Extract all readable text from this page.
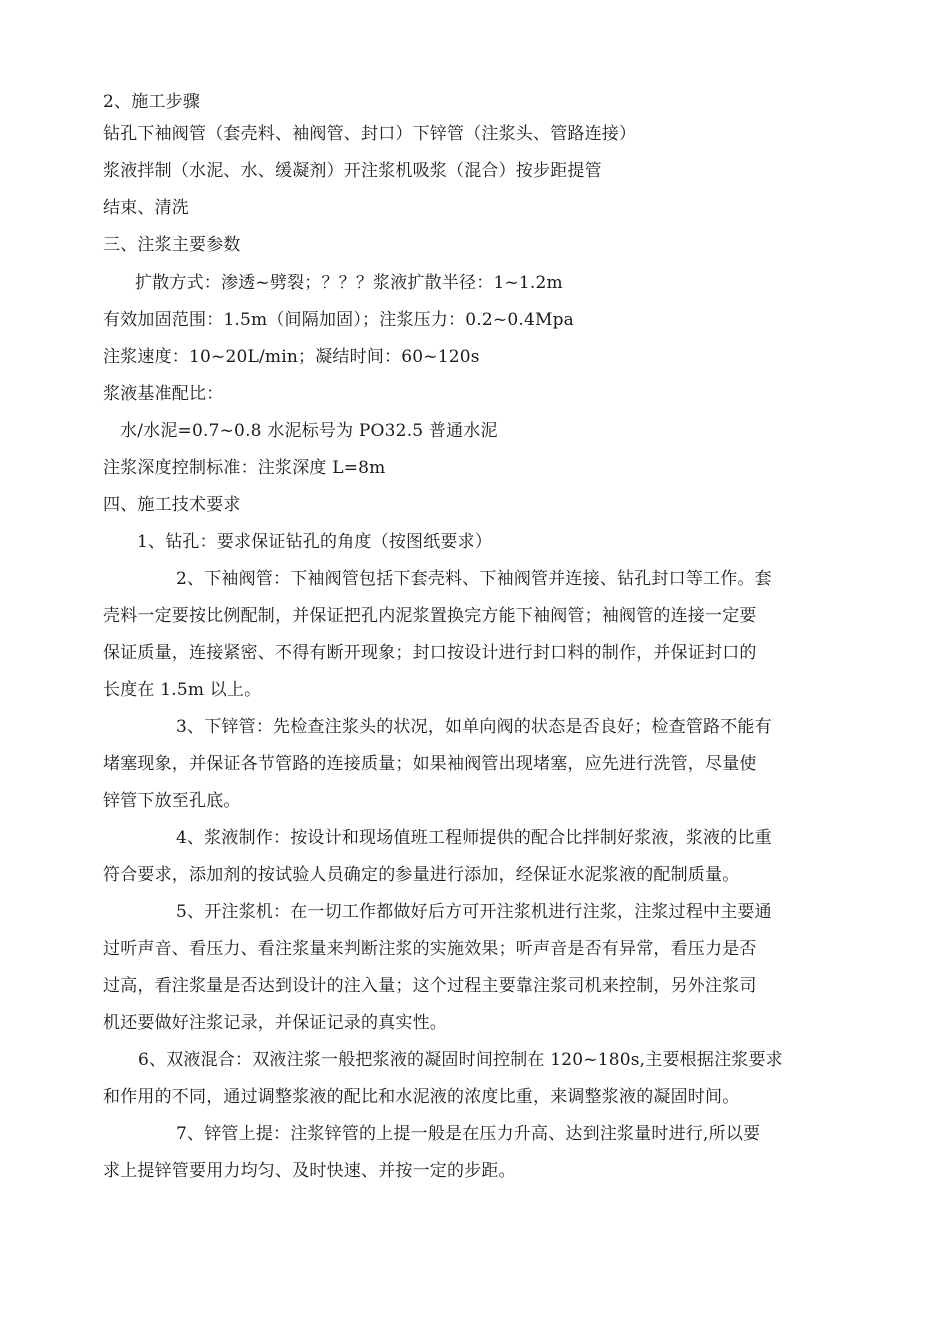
2、施工步骤
钻孔下袖阀管（套壳料、袖阀管、封口）下锌管（注浆头、管路连接）
浆液拌制（水泥、水、缓凝剂）开注浆机吸浆（混合）按步距提管
结束、清洗
三、注浆主要参数
扩散方式：渗透~劈裂；？？？浆液扩散半径：1~1.2m
有效加固范围：1.5m（间隔加固）；注浆压力：0.2~0.4Mpa
注浆速度：10~20L/min；凝结时间：60~120s
浆液基准配比：
水/水泥=0.7~0.8 水泥标号为 PO32.5 普通水泥
注浆深度控制标准：注浆深度 L=8m
四、施工技术要求
1、钻孔：要求保证钻孔的角度（按图纸要求）
2、下袖阀管：下袖阀管包括下套壳料、下袖阀管并连接、钻孔封口等工作。套
壳料一定要按比例配制，并保证把孔内泥浆置换完方能下袖阀管；袖阀管的连接一定要
保证质量，连接紧密、不得有断开现象；封口按设计进行封口料的制作，并保证封口的
长度在 1.5m 以上。
3、下锌管：先检查注浆头的状况，如单向阀的状态是否良好；检查管路不能有
堵塞现象，并保证各节管路的连接质量；如果袖阀管出现堵塞，应先进行洗管，尽量使
锌管下放至孔底。
4、浆液制作：按设计和现场值班工程师提供的配合比拌制好浆液，浆液的比重
符合要求，添加剂的按试验人员确定的参量进行添加，经保证水泥浆液的配制质量。
5、开注浆机：在一切工作都做好后方可开注浆机进行注浆，注浆过程中主要通
过听声音、看压力、看注浆量来判断注浆的实施效果；听声音是否有异常，看压力是否
过高，看注浆量是否达到设计的注入量；这个过程主要靠注浆司机来控制，另外注浆司
机还要做好注浆记录，并保证记录的真实性。
6、双液混合：双液注浆一般把浆液的凝固时间控制在 120~180s,主要根据注浆要求
和作用的不同，通过调整浆液的配比和水泥液的浓度比重，来调整浆液的凝固时间。
7、锌管上提：注浆锌管的上提一般是在压力升高、达到注浆量时进行,所以要
求上提锌管要用力均匀、及时快速、并按一定的步距。
